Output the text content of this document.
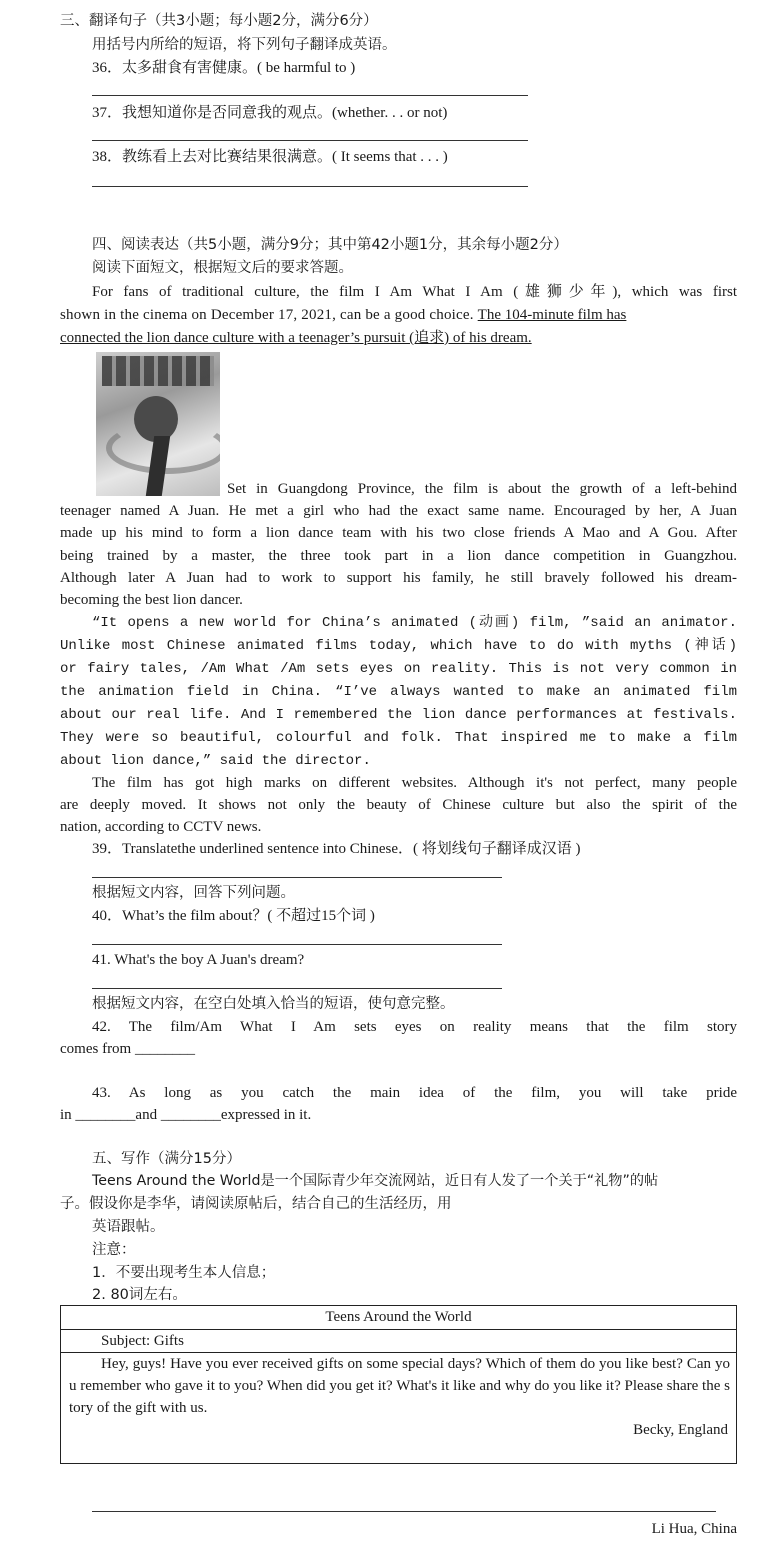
三、翻译句子（共3小题；每小题2分，满分6分）
用括号内所给的短语，将下列句子翻译成英语。
36．太多甜食有害健康。( be harmful to )
37．我想知道你是否同意我的观点。(whether. . . or not)
38．教练看上去对比赛结果很满意。( It seems that . . . )
四、阅读表达（共5小题，满分9分；其中第42小题1分，其余每小题2分）
阅读下面短文，根据短文后的要求答题。
For fans of traditional culture, the film I Am What I Am (雄狮少年), which was first
shown in the cinema on December 17, 2021, can be a good choice. The 104-minute film has
connected the lion dance culture with a teenager’s pursuit (追求) of his dream.
Set in Guangdong Province, the film is about the growth of a left-behind
teenager named A Juan. He met a girl who had the exact same name. Encouraged by her, A Juan
made up his mind to form a lion dance team with his two close friends A Mao and A Gou. After
being trained by a master, the three took part in a lion dance competition in Guangzhou.
Although later A Juan had to work to support his family, he still bravely followed his dream-
becoming the best lion dancer.
“It opens a new world for China’s animated (动画) film, ”said an animator.
Unlike most Chinese animated films today, which have to do with myths (神话)
or fairy tales, /Am What /Am sets eyes on reality. This is not very common in
the animation field in China. “I’ve always wanted to make an animated film
about our real life. And I remembered the lion dance performances at festivals.
They were so beautiful, colourful and folk. That inspired me to make a film
about lion dance,” said the director.
The film has got high marks on different websites. Although it's not perfect, many people
are deeply moved. It shows not only the beauty of Chinese culture but also the spirit of the
nation, according to CCTV news.
39．Translatethe underlined sentence into Chinese．( 将划线句子翻译成汉语 )
根据短文内容，回答下列问题。
40．What’s the film about？( 不超过15个词 )
41. What's the boy A Juan's dream?
根据短文内容，在空白处填入恰当的短语，使句意完整。
42. The film/Am What I Am sets eyes on reality means that the film story
comes from ________
43. As long as you catch the main idea of the film, you will take pride
in ________and ________expressed in it.
五、写作（满分15分）
Teens Around the World是一个国际青少年交流网站，近日有人发了一个关于“礼物”的帖
子。假设你是李华，请阅读原帖后，结合自己的生活经历，用
英语跟帖。
注意：
1．不要出现考生本人信息；
2. 80词左右。
Teens Around the World
Subject: Gifts
Hey, guys! Have you ever received gifts on some special days? Which of them do you like best? Can you remember who gave it to you? When did you get it? What's it like and why do you like it? Please share the story of the gift with us.
Becky, England
Li Hua, China
